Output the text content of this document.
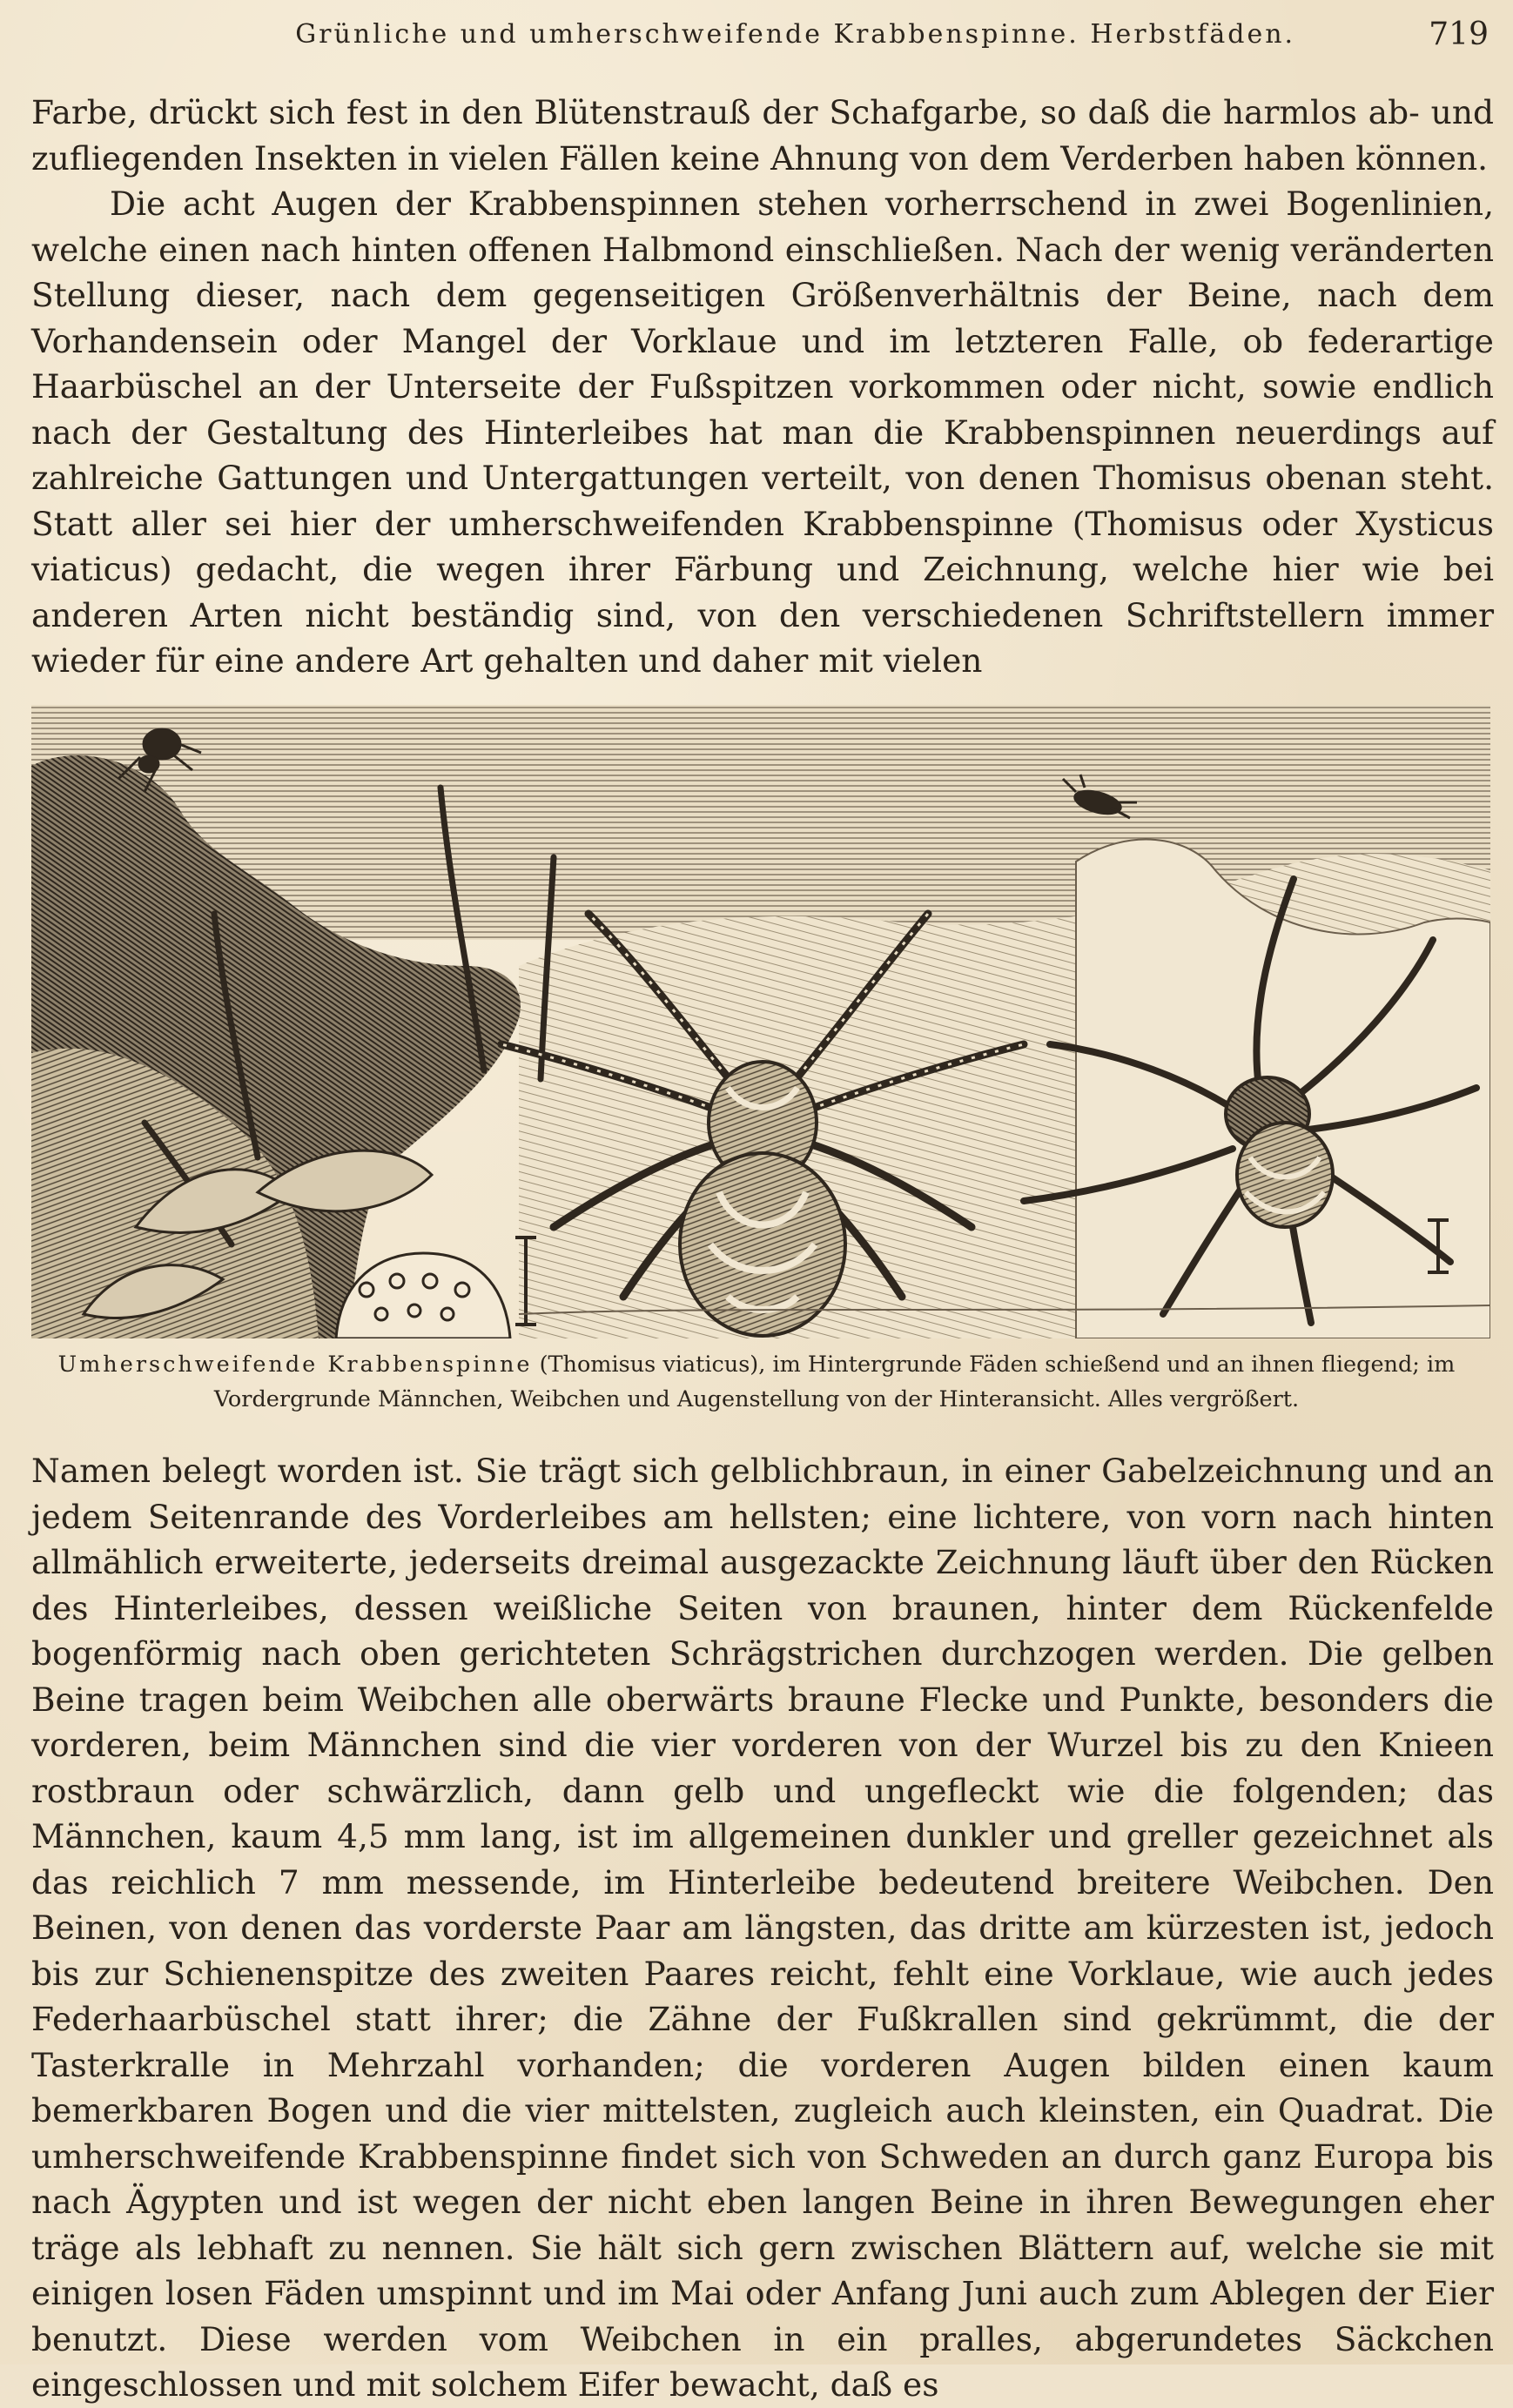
Grünliche und umherschweifende Krabbenspinne. Herbstfäden.	719

Farbe, drückt sich fest in den Blütenstrauß der Schafgarbe, so daß die harmlos ab- und zufliegenden Insekten in vielen Fällen keine Ahnung von dem Verderben haben können.

Die acht Augen der Krabbenspinnen stehen vorherrschend in zwei Bogenlinien, welche einen nach hinten offenen Halbmond einschließen. Nach der wenig veränderten Stellung dieser, nach dem gegenseitigen Größenverhältnis der Beine, nach dem Vorhandensein oder Mangel der Vorklaue und im letzteren Falle, ob federartige Haarbüschel an der Unterseite der Fußspitzen vorkommen oder nicht, sowie endlich nach der Gestaltung des Hinterleibes hat man die Krabbenspinnen neuerdings auf zahlreiche Gattungen und Untergattungen verteilt, von denen Thomisus obenan steht. Statt aller sei hier der umherschweifenden Krabbenspinne (Thomisus oder Xysticus viaticus) gedacht, die wegen ihrer Färbung und Zeichnung, welche hier wie bei anderen Arten nicht beständig sind, von den verschiedenen Schriftstellern immer wieder für eine andere Art gehalten und daher mit vielen

Umherschweifende Krabbenspinne (Thomisus viaticus), im Hintergrunde Fäden schießend und an ihnen fliegend; im Vordergrunde Männchen, Weibchen und Augenstellung von der Hinteransicht. Alles vergrößert.

Namen belegt worden ist. Sie trägt sich gelblichbraun, in einer Gabelzeichnung und an jedem Seitenrande des Vorderleibes am hellsten; eine lichtere, von vorn nach hinten allmählich erweiterte, jederseits dreimal ausgezackte Zeichnung läuft über den Rücken des Hinterleibes, dessen weißliche Seiten von braunen, hinter dem Rückenfelde bogenförmig nach oben gerichteten Schrägstrichen durchzogen werden. Die gelben Beine tragen beim Weibchen alle oberwärts braune Flecke und Punkte, besonders die vorderen, beim Männchen sind die vier vorderen von der Wurzel bis zu den Knieen rostbraun oder schwärzlich, dann gelb und ungefleckt wie die folgenden; das Männchen, kaum 4,5 mm lang, ist im allgemeinen dunkler und greller gezeichnet als das reichlich 7 mm messende, im Hinterleibe bedeutend breitere Weibchen. Den Beinen, von denen das vorderste Paar am längsten, das dritte am kürzesten ist, jedoch bis zur Schienenspitze des zweiten Paares reicht, fehlt eine Vorklaue, wie auch jedes Federhaarbüschel statt ihrer; die Zähne der Fußkrallen sind gekrümmt, die der Tasterkralle in Mehrzahl vorhanden; die vorderen Augen bilden einen kaum bemerkbaren Bogen und die vier mittelsten, zugleich auch kleinsten, ein Quadrat. Die umherschweifende Krabbenspinne findet sich von Schweden an durch ganz Europa bis nach Ägypten und ist wegen der nicht eben langen Beine in ihren Bewegungen eher träge als lebhaft zu nennen. Sie hält sich gern zwischen Blättern auf, welche sie mit einigen losen Fäden umspinnt und im Mai oder Anfang Juni auch zum Ablegen der Eier benutzt. Diese werden vom Weibchen in ein pralles, abgerundetes Säckchen eingeschlossen und mit solchem Eifer bewacht, daß es
